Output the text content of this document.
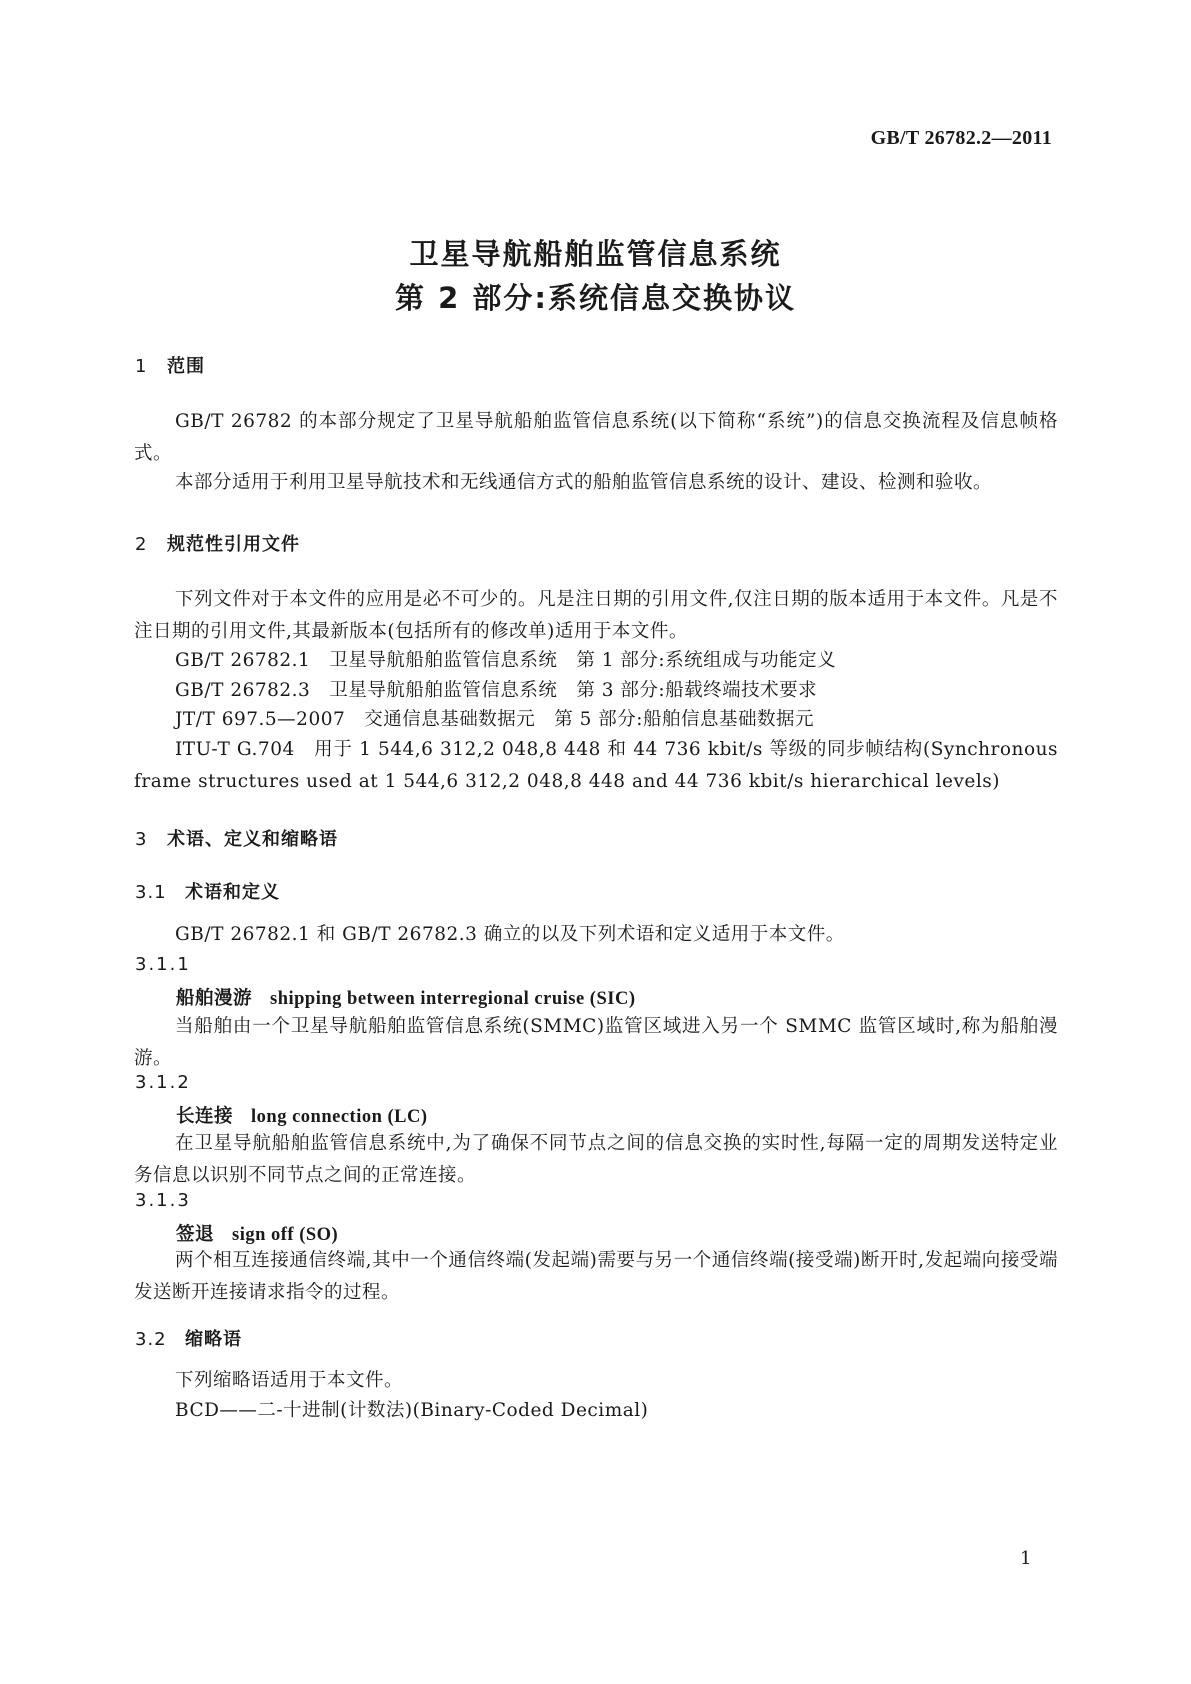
GB/T 26782.2—2011
卫星导航船舶监管信息系统
第 2 部分:系统信息交换协议
1 范围
GB/T 26782 的本部分规定了卫星导航船舶监管信息系统(以下简称“系统”)的信息交换流程及信息帧格式。
本部分适用于利用卫星导航技术和无线通信方式的船舶监管信息系统的设计、建设、检测和验收。
2 规范性引用文件
下列文件对于本文件的应用是必不可少的。凡是注日期的引用文件,仅注日期的版本适用于本文件。凡是不注日期的引用文件,其最新版本(包括所有的修改单)适用于本文件。
GB/T 26782.1　卫星导航船舶监管信息系统　第 1 部分:系统组成与功能定义
GB/T 26782.3　卫星导航船舶监管信息系统　第 3 部分:船载终端技术要求
JT/T 697.5—2007　交通信息基础数据元　第 5 部分:船舶信息基础数据元
ITU-T G.704　用于 1 544,6 312,2 048,8 448 和 44 736 kbit/s 等级的同步帧结构(Synchronous frame structures used at 1 544,6 312,2 048,8 448 and 44 736 kbit/s hierarchical levels)
3 术语、定义和缩略语
3.1 术语和定义
GB/T 26782.1 和 GB/T 26782.3 确立的以及下列术语和定义适用于本文件。
3.1.1
船舶漫游 shipping between interregional cruise (SIC)
当船舶由一个卫星导航船舶监管信息系统(SMMC)监管区域进入另一个 SMMC 监管区域时,称为船舶漫游。
3.1.2
长连接 long connection (LC)
在卫星导航船舶监管信息系统中,为了确保不同节点之间的信息交换的实时性,每隔一定的周期发送特定业务信息以识别不同节点之间的正常连接。
3.1.3
签退 sign off (SO)
两个相互连接通信终端,其中一个通信终端(发起端)需要与另一个通信终端(接受端)断开时,发起端向接受端发送断开连接请求指令的过程。
3.2 缩略语
下列缩略语适用于本文件。
BCD——二-十进制(计数法)(Binary-Coded Decimal)
1
